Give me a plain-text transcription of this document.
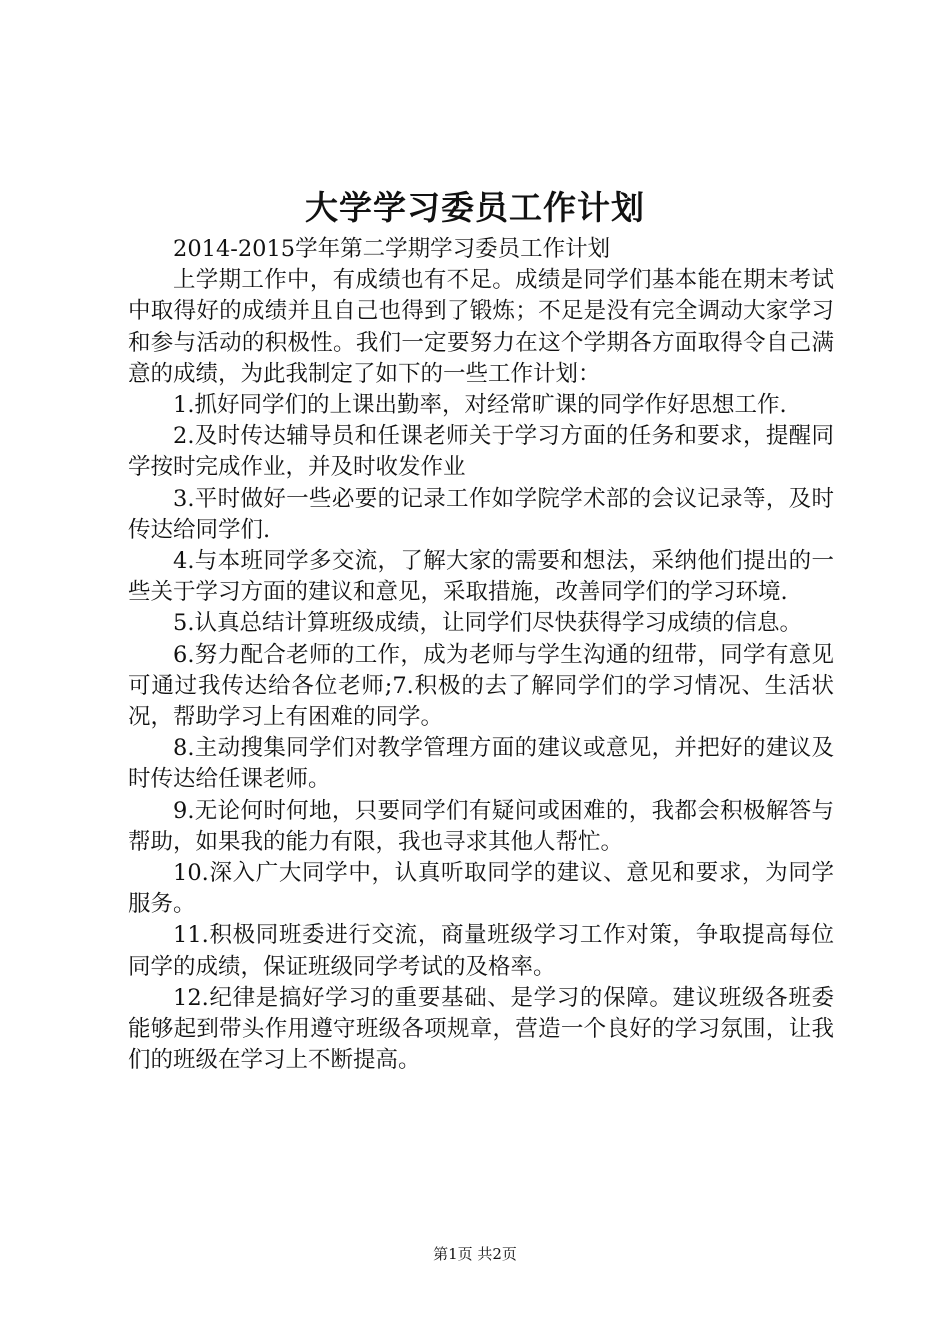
大学学习委员工作计划

2014-2015学年第二学期学习委员工作计划

上学期工作中，有成绩也有不足。成绩是同学们基本能在期末考试中取得好的成绩并且自己也得到了锻炼；不足是没有完全调动大家学习和参与活动的积极性。我们一定要努力在这个学期各方面取得令自己满意的成绩，为此我制定了如下的一些工作计划：

1.抓好同学们的上课出勤率，对经常旷课的同学作好思想工作.

2.及时传达辅导员和任课老师关于学习方面的任务和要求，提醒同学按时完成作业，并及时收发作业

3.平时做好一些必要的记录工作如学院学术部的会议记录等，及时传达给同学们.

4.与本班同学多交流，了解大家的需要和想法，采纳他们提出的一些关于学习方面的建议和意见，采取措施，改善同学们的学习环境.

5.认真总结计算班级成绩，让同学们尽快获得学习成绩的信息。

6.努力配合老师的工作，成为老师与学生沟通的纽带，同学有意见可通过我传达给各位老师;7.积极的去了解同学们的学习情况、生活状况，帮助学习上有困难的同学。

8.主动搜集同学们对教学管理方面的建议或意见，并把好的建议及时传达给任课老师。

9.无论何时何地，只要同学们有疑问或困难的，我都会积极解答与帮助，如果我的能力有限，我也寻求其他人帮忙。

10.深入广大同学中，认真听取同学的建议、意见和要求，为同学服务。

11.积极同班委进行交流，商量班级学习工作对策，争取提高每位同学的成绩，保证班级同学考试的及格率。

12.纪律是搞好学习的重要基础、是学习的保障。建议班级各班委能够起到带头作用遵守班级各项规章，营造一个良好的学习氛围，让我们的班级在学习上不断提高。

第1页 共2页
